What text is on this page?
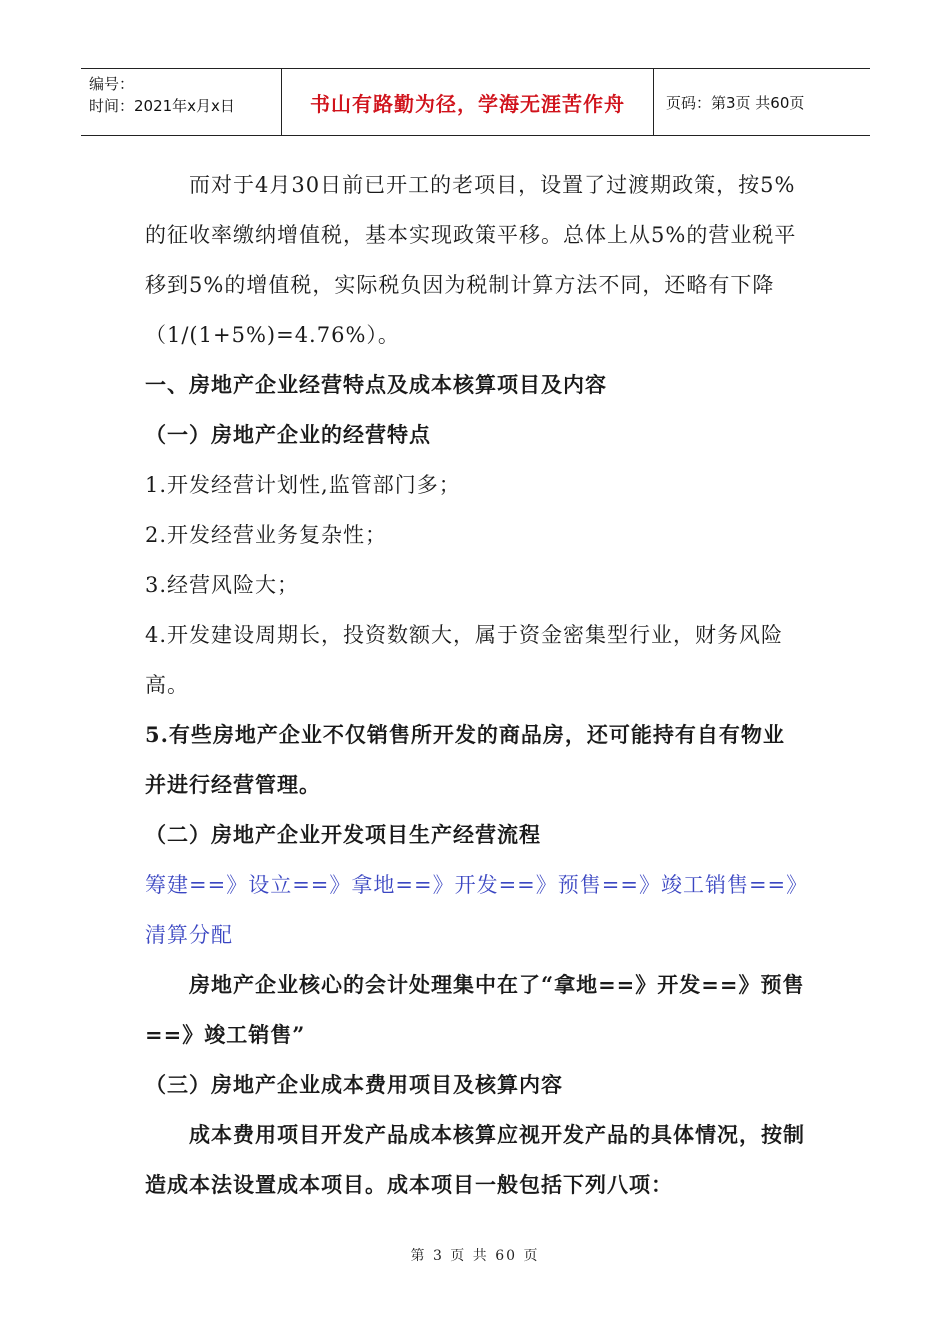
编号：
时间：2021年x月x日	书山有路勤为径，学海无涯苦作舟	页码：第3页 共60页

而对于4月30日前已开工的老项目，设置了过渡期政策，按5%的征收率缴纳增值税，基本实现政策平移。总体上从5%的营业税平移到5%的增值税，实际税负因为税制计算方法不同，还略有下降（1/(1+5%)=4.76%）。

一、房地产企业经营特点及成本核算项目及内容

（一）房地产企业的经营特点

1.开发经营计划性,监管部门多；

2.开发经营业务复杂性；

3.经营风险大；

4.开发建设周期长，投资数额大，属于资金密集型行业，财务风险高。

5.有些房地产企业不仅销售所开发的商品房，还可能持有自有物业并进行经营管理。

（二）房地产企业开发项目生产经营流程

筹建==》设立==》拿地==》开发==》预售==》竣工销售==》清算分配

房地产企业核心的会计处理集中在了“拿地==》开发==》预售==》竣工销售”

（三）房地产企业成本费用项目及核算内容

成本费用项目开发产品成本核算应视开发产品的具体情况，按制造成本法设置成本项目。成本项目一般包括下列八项：

第 3 页 共 60 页
